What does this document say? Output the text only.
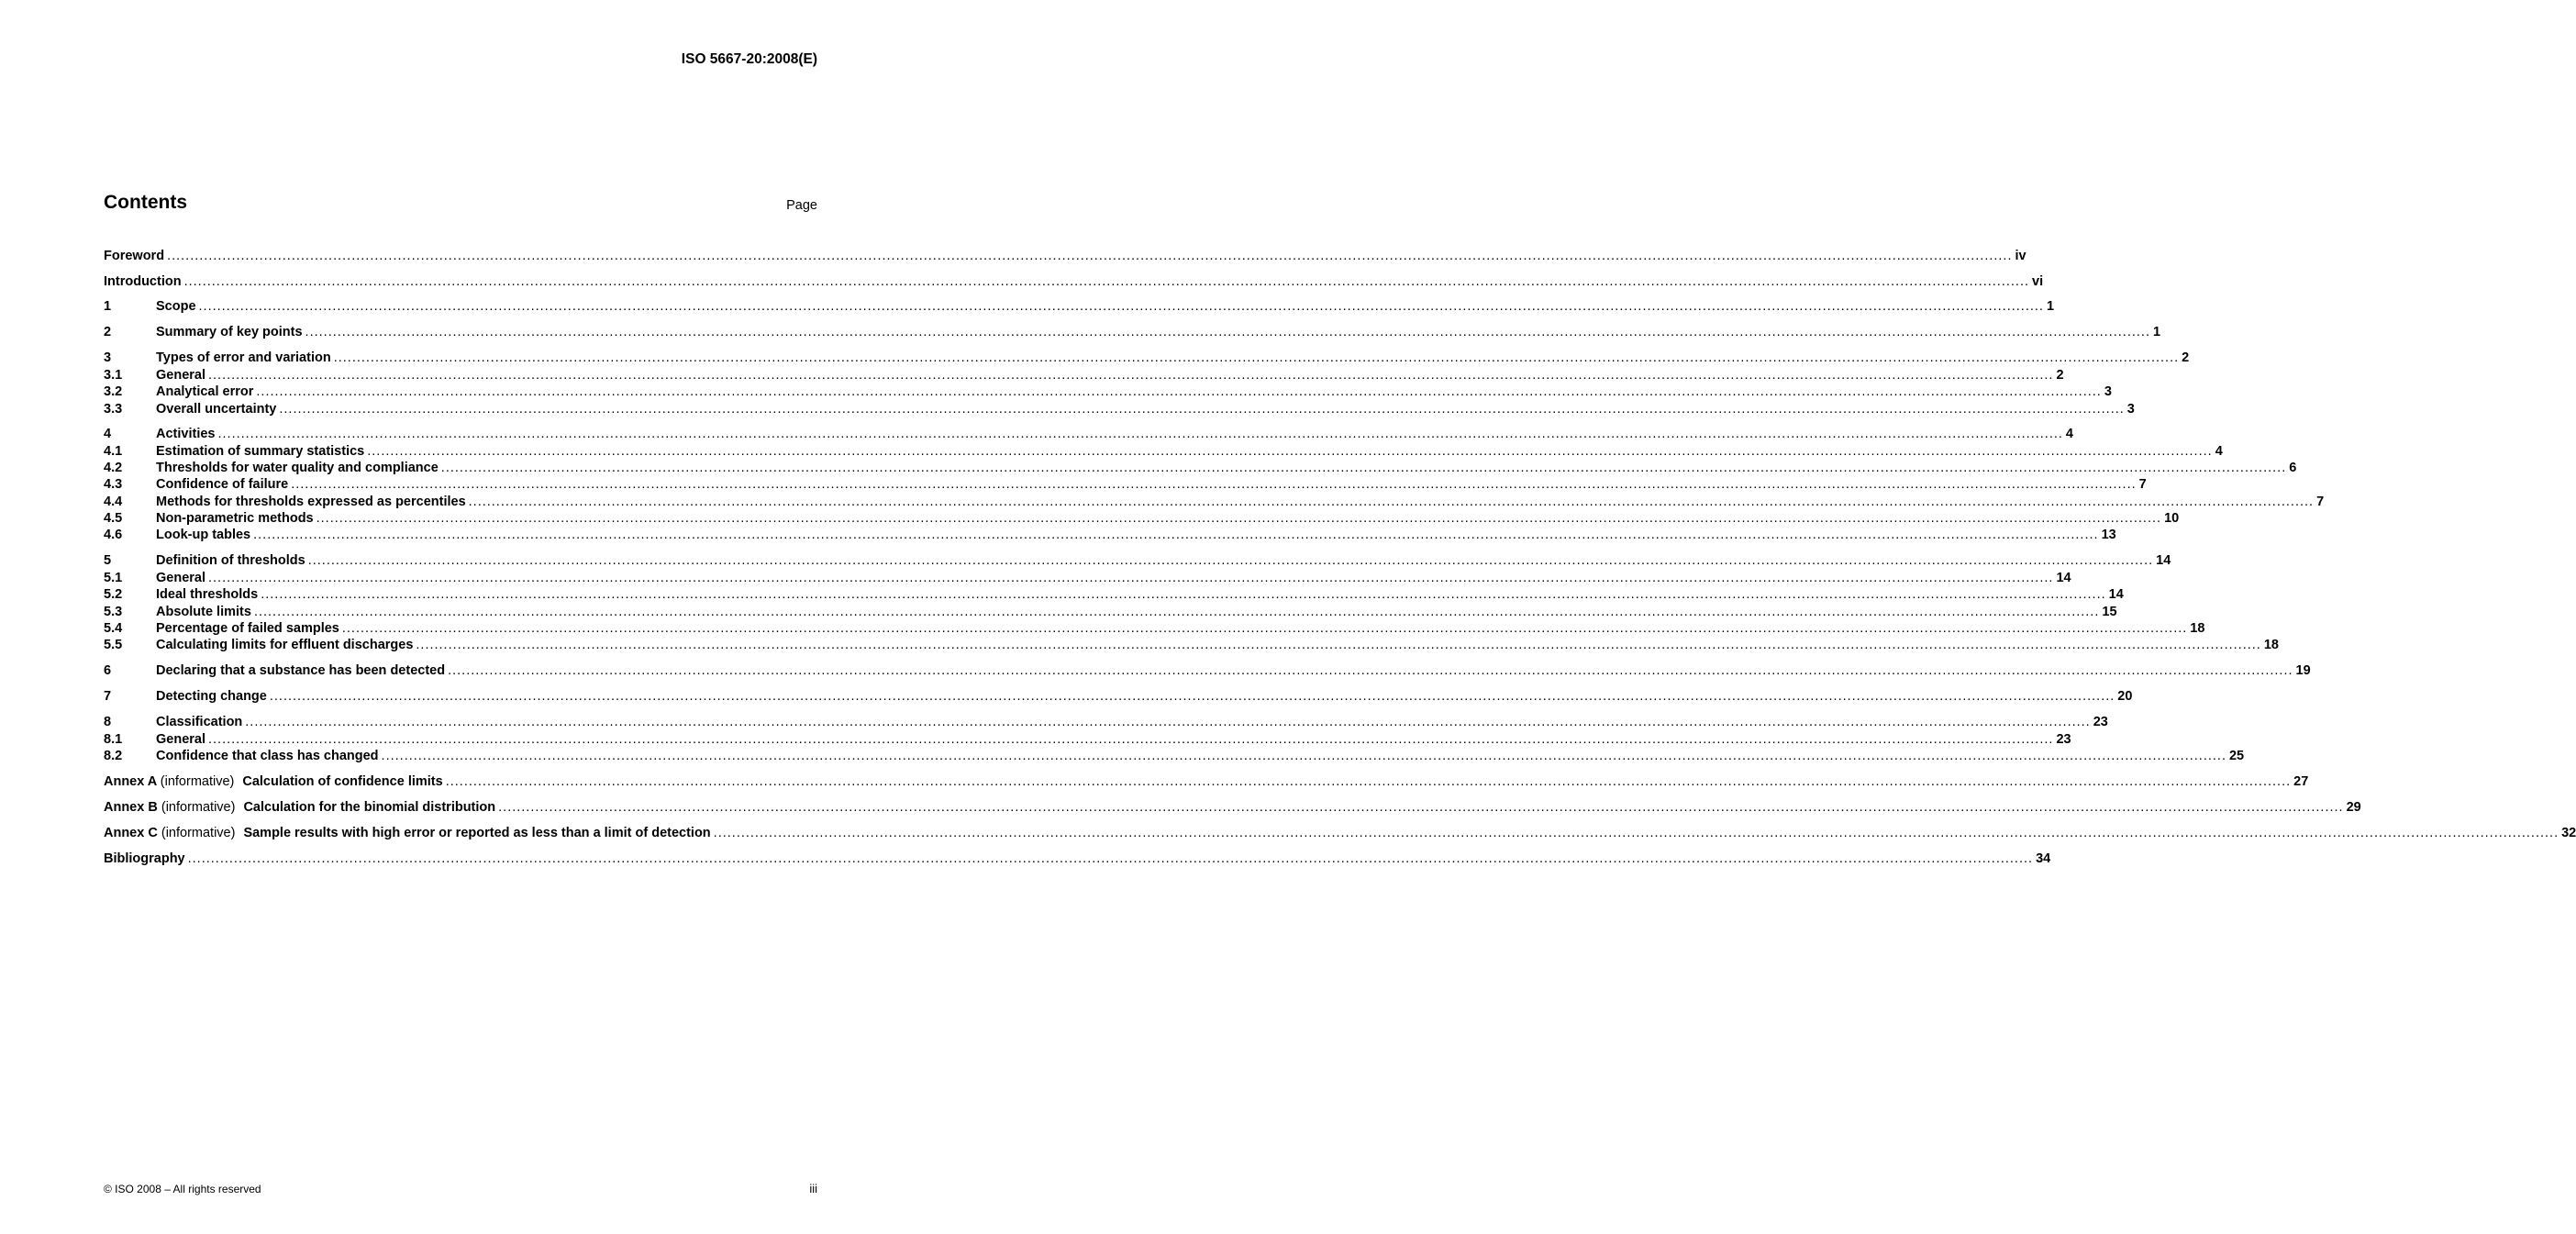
ISO 5667-20:2008(E)
Contents	Page
Foreword ................................................................................................................................................................................................................................................................................................................................................................................................................ iv
Introduction ................................................................................................................................................................................................................................................................................................................................................................................................................ vi
1	Scope ................................................................................................................................................................................................................................................................................................................................................................................................................ 1
2	Summary of key points ................................................................................................................................................................................................................................................................................................................................................................................................................ 1
3	Types of error and variation ................................................................................................................................................................................................................................................................................................................................................................................................................ 2
3.1	General ................................................................................................................................................................................................................................................................................................................................................................................................................ 2
3.2	Analytical error ................................................................................................................................................................................................................................................................................................................................................................................................................ 3
3.3	Overall uncertainty ................................................................................................................................................................................................................................................................................................................................................................................................................ 3
4	Activities ................................................................................................................................................................................................................................................................................................................................................................................................................ 4
4.1	Estimation of summary statistics ................................................................................................................................................................................................................................................................................................................................................................................................................ 4
4.2	Thresholds for water quality and compliance ................................................................................................................................................................................................................................................................................................................................................................................................................ 6
4.3	Confidence of failure ................................................................................................................................................................................................................................................................................................................................................................................................................ 7
4.4	Methods for thresholds expressed as percentiles ................................................................................................................................................................................................................................................................................................................................................................................................................ 7
4.5	Non-parametric methods ................................................................................................................................................................................................................................................................................................................................................................................................................ 10
4.6	Look-up tables ................................................................................................................................................................................................................................................................................................................................................................................................................ 13
5	Definition of thresholds ................................................................................................................................................................................................................................................................................................................................................................................................................ 14
5.1	General ................................................................................................................................................................................................................................................................................................................................................................................................................ 14
5.2	Ideal thresholds ................................................................................................................................................................................................................................................................................................................................................................................................................ 14
5.3	Absolute limits ................................................................................................................................................................................................................................................................................................................................................................................................................ 15
5.4	Percentage of failed samples ................................................................................................................................................................................................................................................................................................................................................................................................................ 18
5.5	Calculating limits for effluent discharges ................................................................................................................................................................................................................................................................................................................................................................................................................ 18
6	Declaring that a substance has been detected ................................................................................................................................................................................................................................................................................................................................................................................................................ 19
7	Detecting change ................................................................................................................................................................................................................................................................................................................................................................................................................ 20
8	Classification ................................................................................................................................................................................................................................................................................................................................................................................................................ 23
8.1	General ................................................................................................................................................................................................................................................................................................................................................................................................................ 23
8.2	Confidence that class has changed ................................................................................................................................................................................................................................................................................................................................................................................................................ 25
Annex A (informative) Calculation of confidence limits ................................................................................................................................................................................................................................................................................................................................................................................................................ 27
Annex B (informative) Calculation for the binomial distribution ................................................................................................................................................................................................................................................................................................................................................................................................................ 29
Annex C (informative) Sample results with high error or reported as less than a limit of detection ................................................................................................................................................................................................................................................................................................................................................................................................................ 32
Bibliography ................................................................................................................................................................................................................................................................................................................................................................................................................ 34
© ISO 2008 – All rights reserved	iii
